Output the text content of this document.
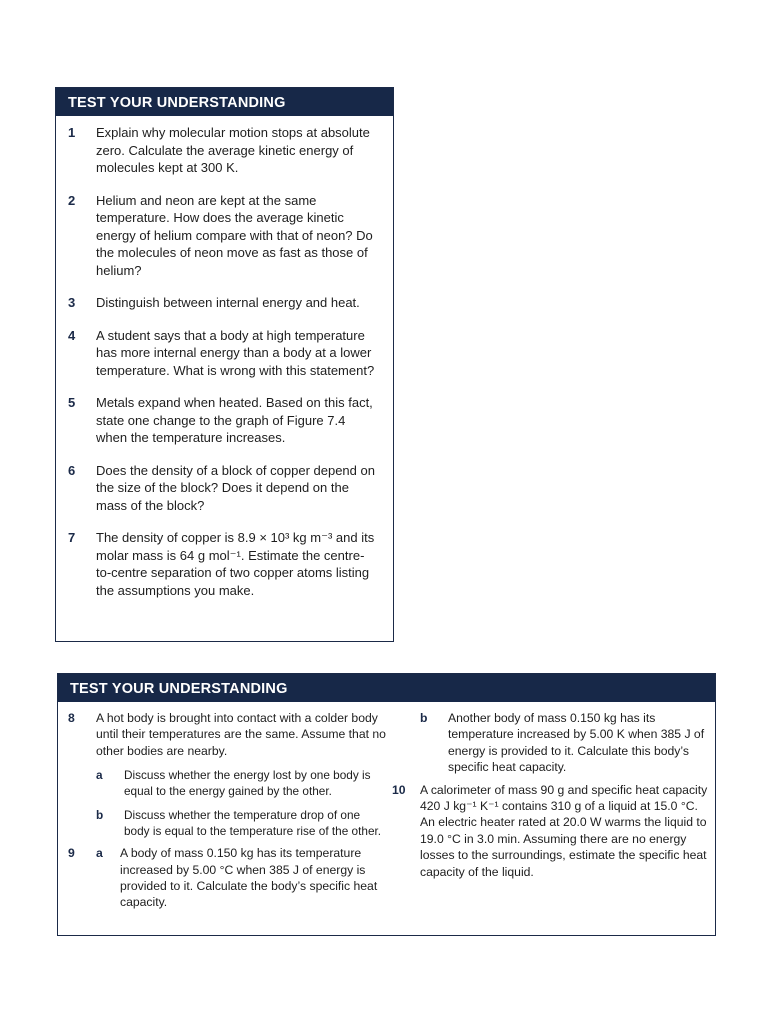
TEST YOUR UNDERSTANDING
1 Explain why molecular motion stops at absolute zero. Calculate the average kinetic energy of molecules kept at 300 K.
2 Helium and neon are kept at the same temperature. How does the average kinetic energy of helium compare with that of neon? Do the molecules of neon move as fast as those of helium?
3 Distinguish between internal energy and heat.
4 A student says that a body at high temperature has more internal energy than a body at a lower temperature. What is wrong with this statement?
5 Metals expand when heated. Based on this fact, state one change to the graph of Figure 7.4 when the temperature increases.
6 Does the density of a block of copper depend on the size of the block? Does it depend on the mass of the block?
7 The density of copper is 8.9 × 10³ kg m⁻³ and its molar mass is 64 g mol⁻¹. Estimate the centre-to-centre separation of two copper atoms listing the assumptions you make.
TEST YOUR UNDERSTANDING
8 A hot body is brought into contact with a colder body until their temperatures are the same. Assume that no other bodies are nearby.
a Discuss whether the energy lost by one body is equal to the energy gained by the other.
b Discuss whether the temperature drop of one body is equal to the temperature rise of the other.
9 a A body of mass 0.150 kg has its temperature increased by 5.00 °C when 385 J of energy is provided to it. Calculate the body’s specific heat capacity.
b Another body of mass 0.150 kg has its temperature increased by 5.00 K when 385 J of energy is provided to it. Calculate this body’s specific heat capacity.
10 A calorimeter of mass 90 g and specific heat capacity 420 J kg⁻¹ K⁻¹ contains 310 g of a liquid at 15.0 °C. An electric heater rated at 20.0 W warms the liquid to 19.0 °C in 3.0 min. Assuming there are no energy losses to the surroundings, estimate the specific heat capacity of the liquid.
